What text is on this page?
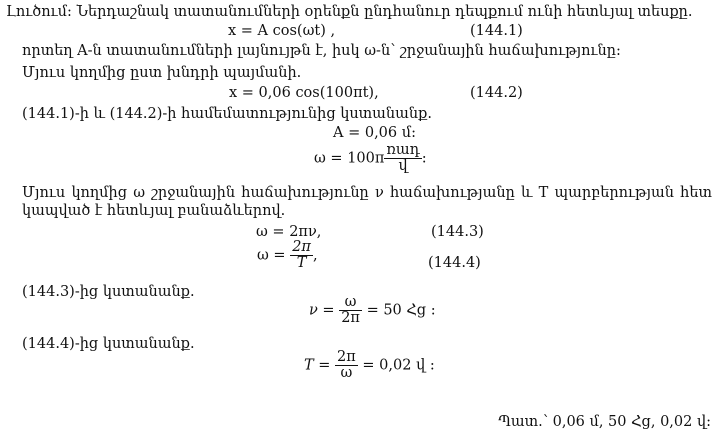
Լուծում: Ներդաշնակ տատանումների օրենքն ընդհանուր դեպքում ունի հետևյալ տեսքը.
x = A cos(ωt) ,	(144.1)
որտեղ A-ն տատանումների լայնույթն է, իսկ ω-ն՝ շրջանային հաճախությունը:
Մյուս կողմից ըստ խնդրի պայմանի.
x = 0,06 cos(100πt),	(144.2)
(144.1)-ի և (144.2)-ի համեմատությունից կստանանք.
A = 0,06 մ:
$\omega = 100\pi \frac{\text{ռադ}}{\text{վ}}$ :
Մյուս կողմից ω շրջանային հաճախությունը ν հաճախությանը և T պարբերության հետ
կապված է հետևյալ բանաձևերով.
ω = 2πν,	(144.3)
$\omega = \frac{2\pi}{T}$ ,	(144.4)
(144.3)-ից կստանանք.
$\nu = \frac{\omega}{2\pi} = 50$ Հց :
(144.4)-ից կստանանք.
$T = \frac{2\pi}{\omega} = 0,02$ վ :
Պատ.՝ 0,06 մ, 50 Հց, 0,02 վ:
